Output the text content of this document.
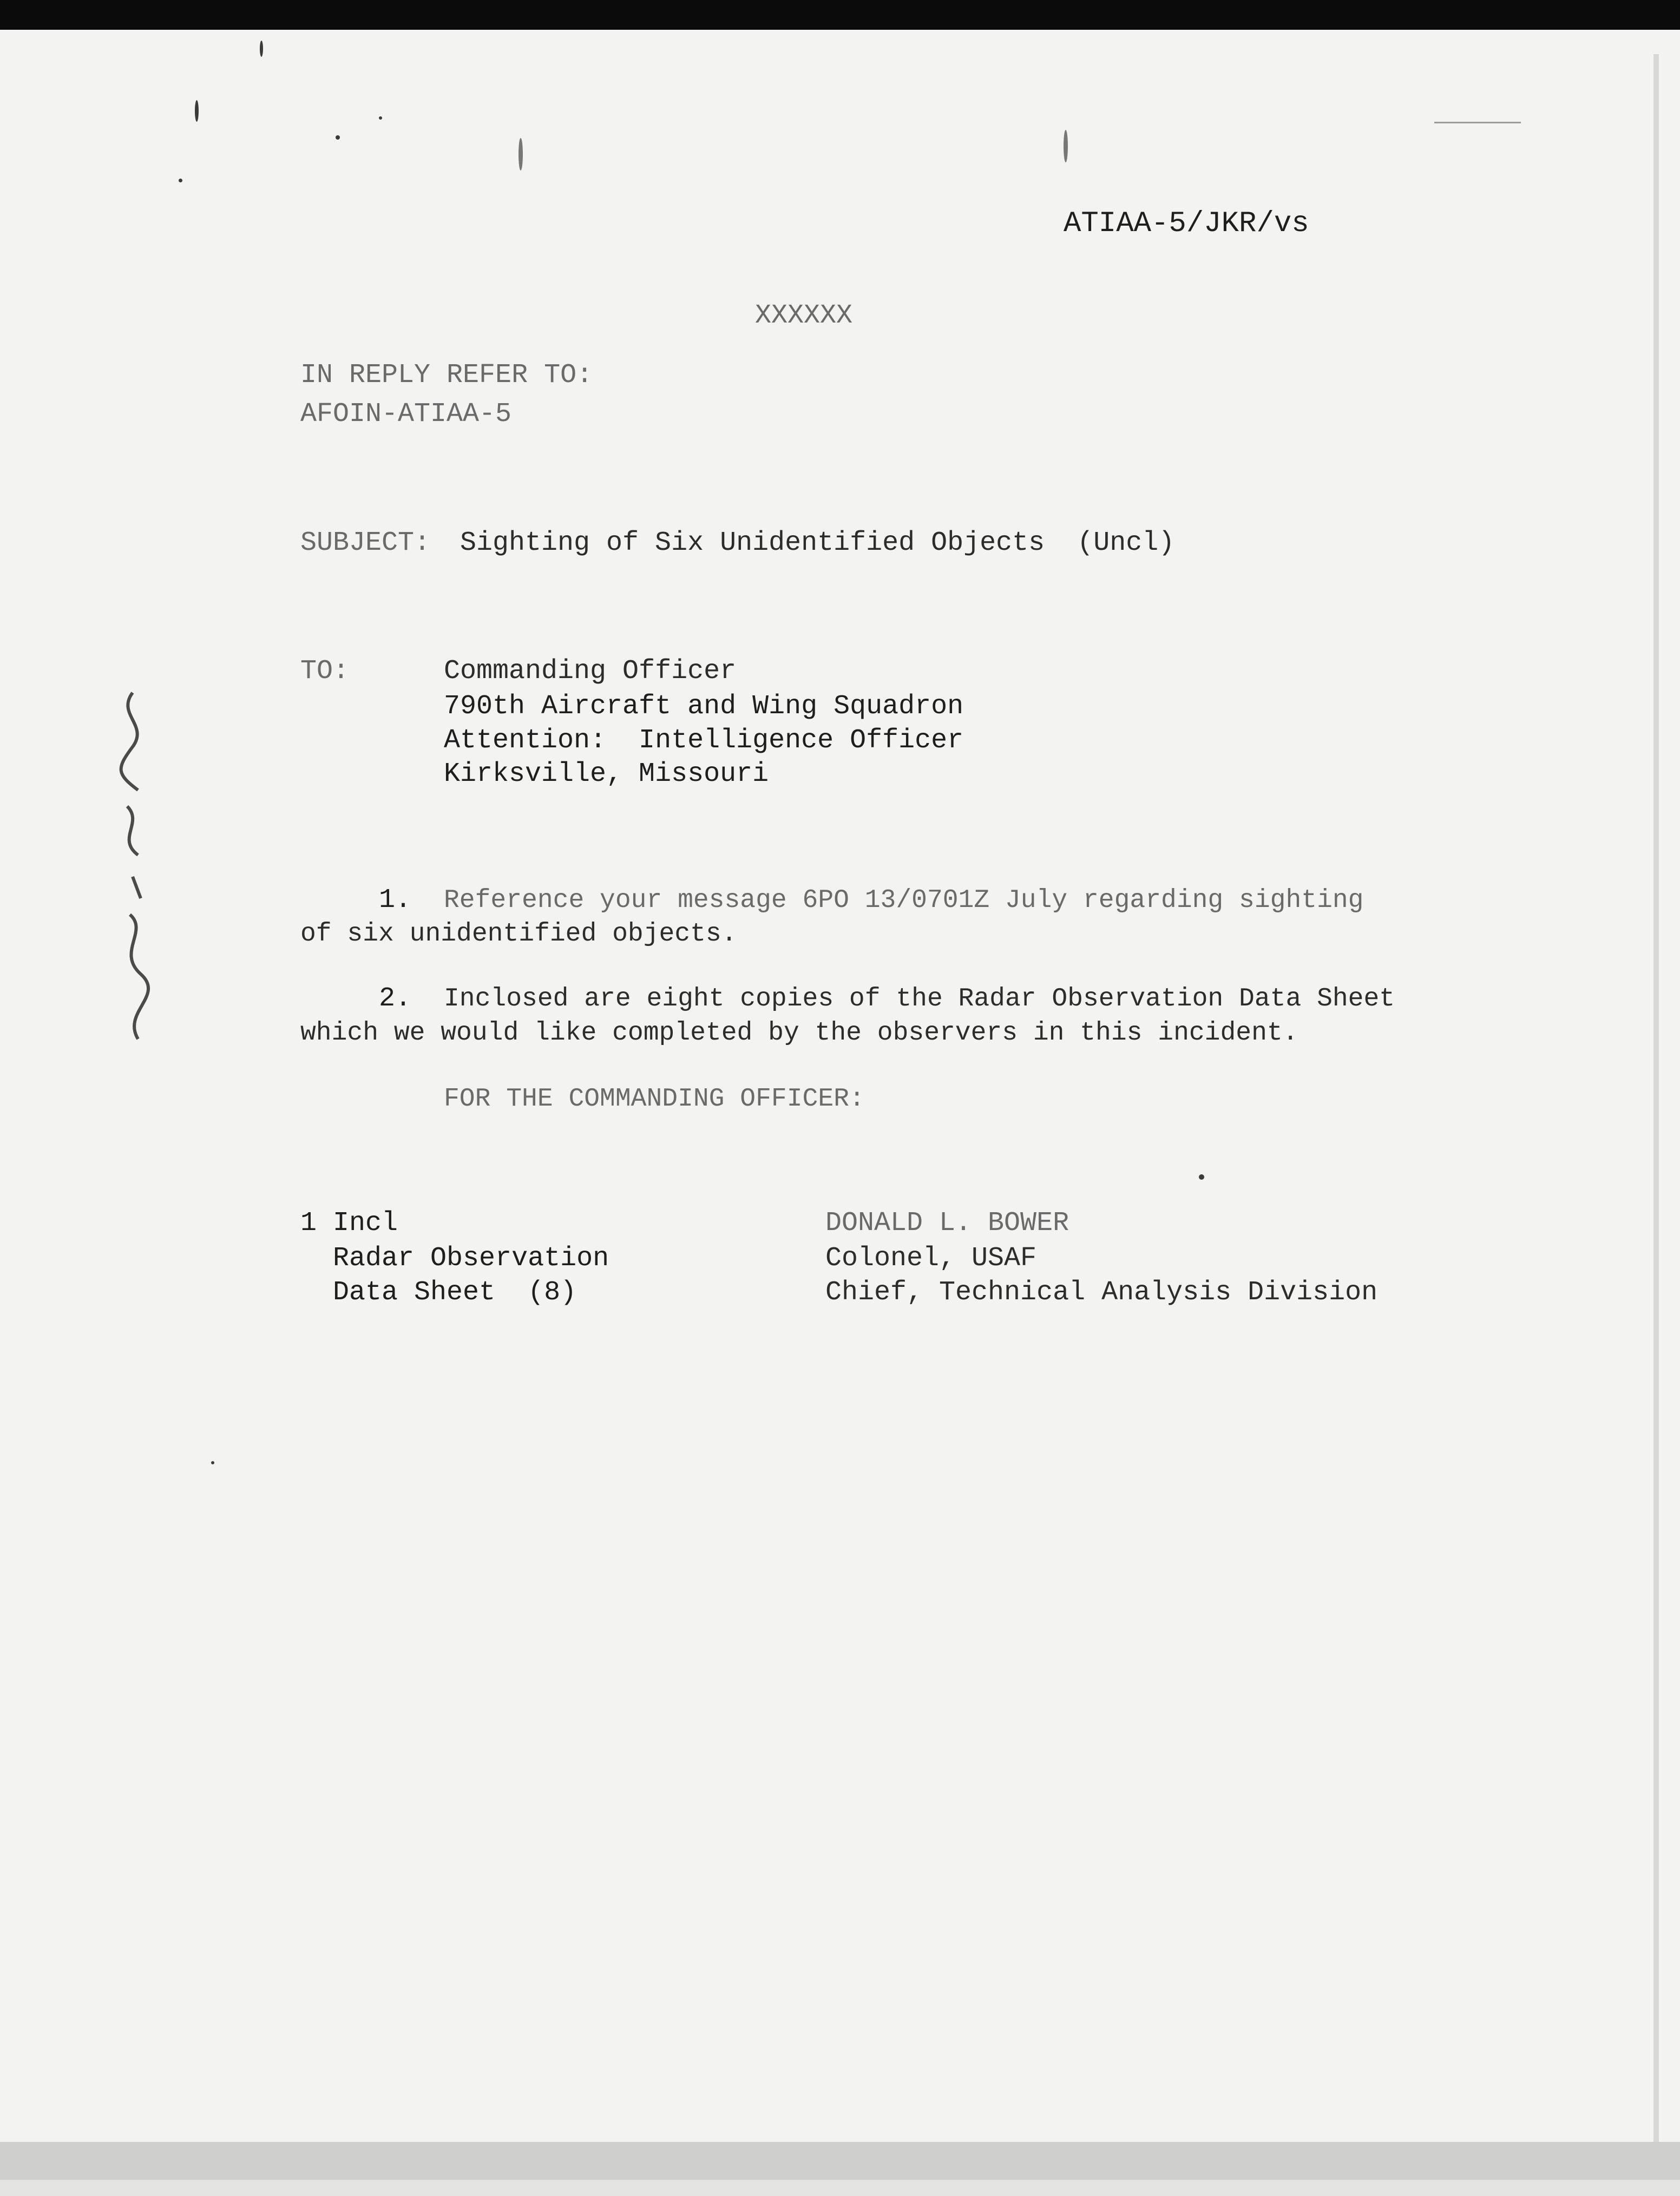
ATIAA-5/JKR/vs

XXXXXX

IN REPLY REFER TO:

AFOIN-ATIAA-5

SUBJECT: Sighting of Six Unidentified Objects  (Uncl)

TO:	Commanding Officer

790th Aircraft and Wing Squadron

Attention:  Intelligence Officer

Kirksville, Missouri

1. Reference your message 6PO 13/0701Z July regarding sighting

of six unidentified objects.

2. Inclosed are eight copies of the Radar Observation Data Sheet

which we would like completed by the observers in this incident.

FOR THE COMMANDING OFFICER:

1 Incl

Radar Observation

Data Sheet  (8)

DONALD L. BOWER

Colonel, USAF

Chief, Technical Analysis Division
